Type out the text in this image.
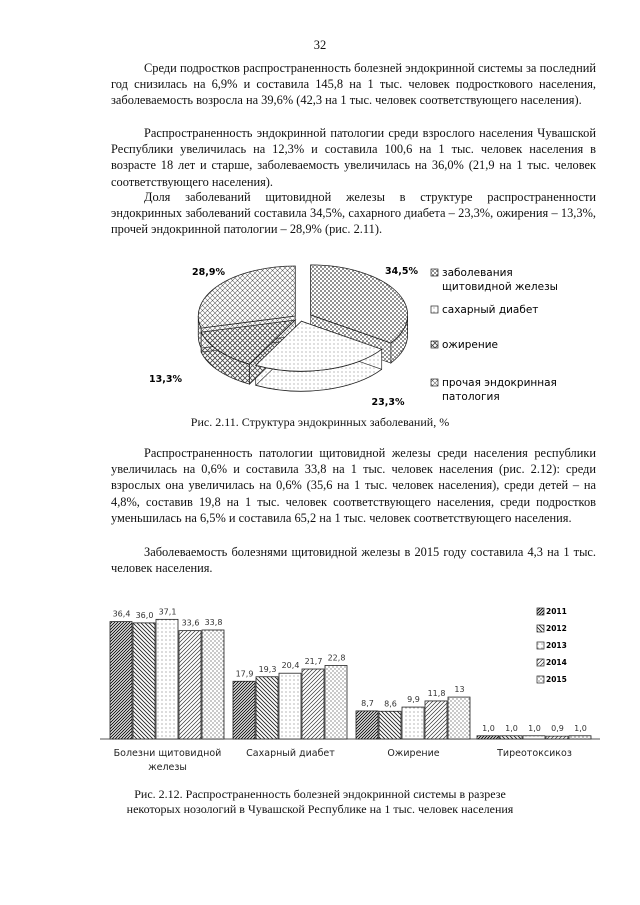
32

Среди подростков распространенность болезней эндокринной системы за последний год снизилась на 6,9% и составила 145,8 на 1 тыс. человек подросткового населения, заболеваемость возросла на 39,6% (42,3 на 1 тыс. человек соответствующего населения).

Распространенность эндокринной патологии среди взрослого населения Чувашской Республики увеличилась на 12,3% и составила 100,6 на 1 тыс. человек населения в возрасте 18 лет и старше, заболеваемость увеличилась на 36,0% (21,9 на 1 тыс. человек соответствующего населения).

Доля заболеваний щитовидной железы в структуре распространенности эндокринных заболеваний составила 34,5%, сахарного диабета – 23,3%, ожирения – 13,3%, прочей эндокринной патологии – 28,9% (рис. 2.11).

34,5%
23,3%
13,3%
28,9%	заболевания
щитовидной железы
сахарный диабет
ожирение
прочая эндокринная
патология
Рис. 2.11. Структура эндокринных заболеваний, %

Распространенность патологии щитовидной железы среди населения республики увеличилась на 0,6% и составила 33,8 на 1 тыс. человек населения (рис. 2.12): среди взрослых она увеличилась на 0,6% (35,6 на 1 тыс. человек населения), среди детей – на 4,8%, составив 19,8 на 1 тыс. человек соответствующего населения, среди подростков уменьшилась на 6,5% и составила 65,2 на 1 тыс. человек соответствующего населения.

Заболеваемость болезнями щитовидной железы в 2015 году составила 4,3 на 1 тыс. человек населения.

36,4 36,0 37,1
33,6 33,8
Болезни щитовидной
железы
17,9
19,3 20,4 21,7 22,8
Сахарный диабет
8,7 8,6 9,9
11,8 13
Ожирение
1,0 1,0 1,0 0,9 1,0
Тиреотоксикоз
2011
2012
2013
2014
2015
Рис. 2.12. Распространенность болезней эндокринной системы в разрезе
некоторых нозологий в Чувашской Республике на 1 тыс. человек населения
